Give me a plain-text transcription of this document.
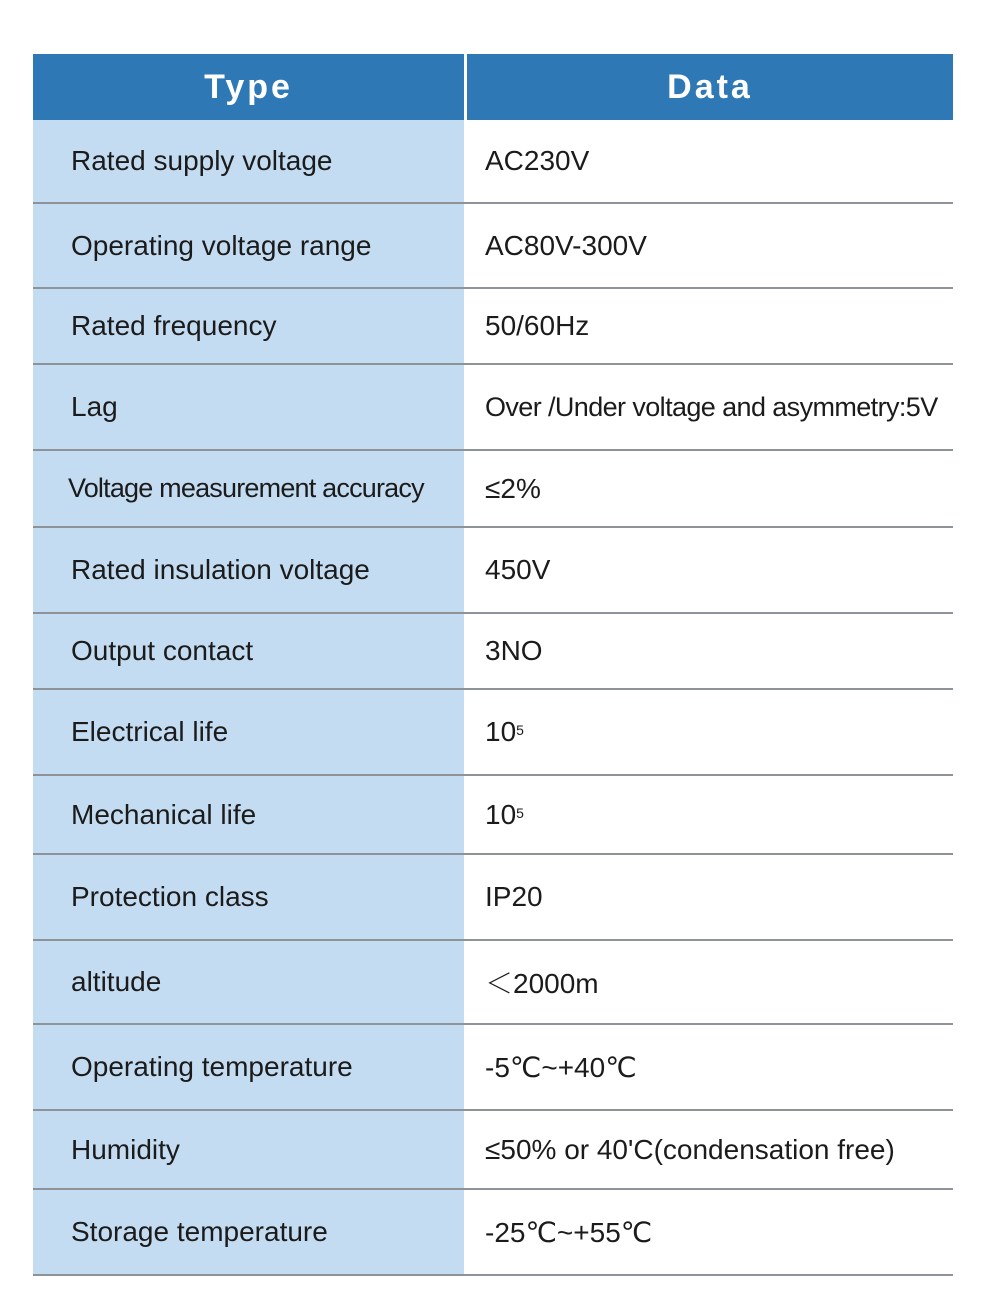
Type	Data
Rated supply voltage	AC230V
Operating voltage range	AC80V-300V
Rated frequency	50/60Hz
Lag	Over /Under voltage and asymmetry:5V
Voltage measurement accuracy	≤2%
Rated insulation voltage	450V
Output contact	3NO
Electrical life	$10^5$
Mechanical life	$10^5$
Protection class	IP20
altitude	＜2000m
Operating temperature	-5℃~+40℃
Humidity	≤50% or 40'C(condensation free)
Storage temperature	-25℃~+55℃
